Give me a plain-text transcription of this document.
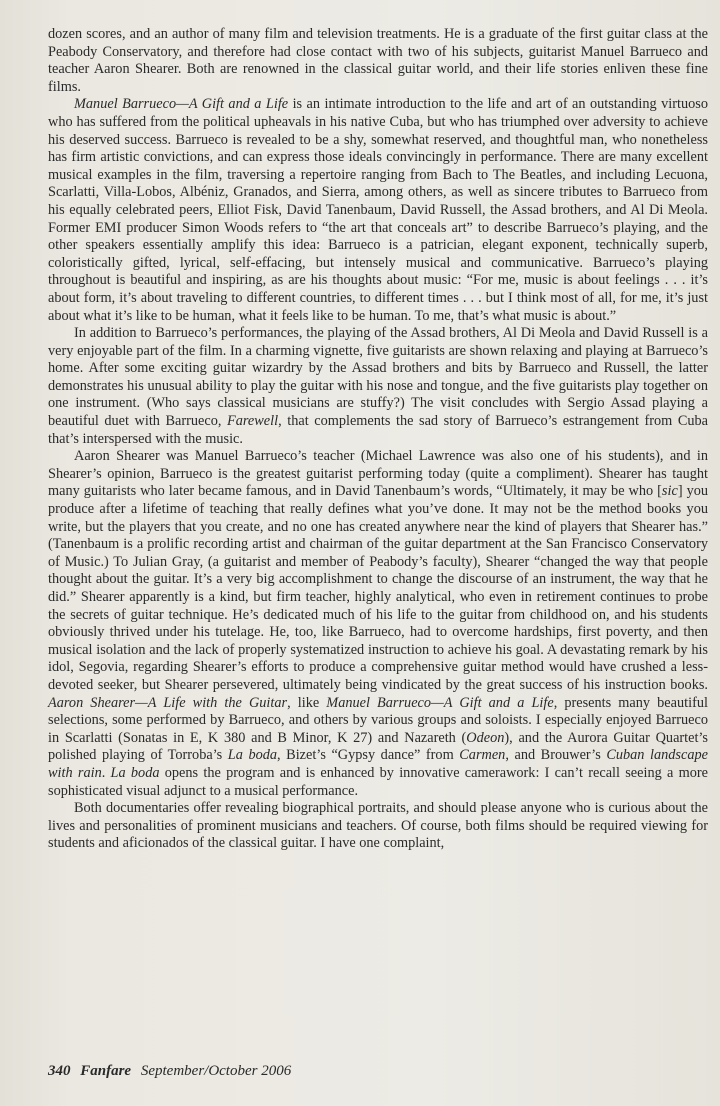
dozen scores, and an author of many film and television treatments. He is a graduate of the first guitar class at the Peabody Conservatory, and therefore had close contact with two of his subjects, guitarist Manuel Barrueco and teacher Aaron Shearer. Both are renowned in the classical guitar world, and their life stories enliven these fine films.

Manuel Barrueco—A Gift and a Life is an intimate introduction to the life and art of an outstanding virtuoso who has suffered from the political upheavals in his native Cuba, but who has triumphed over adversity to achieve his deserved success. Barrueco is revealed to be a shy, somewhat reserved, and thoughtful man, who nonetheless has firm artistic convictions, and can express those ideals convincingly in performance. There are many excellent musical examples in the film, traversing a repertoire ranging from Bach to The Beatles, and including Lecuona, Scarlatti, Villa-Lobos, Albéniz, Granados, and Sierra, among others, as well as sincere tributes to Barrueco from his equally celebrated peers, Elliot Fisk, David Tanenbaum, David Russell, the Assad brothers, and Al Di Meola. Former EMI producer Simon Woods refers to “the art that conceals art” to describe Barrueco’s playing, and the other speakers essentially amplify this idea: Barrueco is a patrician, elegant exponent, technically superb, coloristically gifted, lyrical, self-effacing, but intensely musical and communicative. Barrueco’s playing throughout is beautiful and inspiring, as are his thoughts about music: “For me, music is about feelings . . . it’s about form, it’s about traveling to different countries, to different times . . . but I think most of all, for me, it’s just about what it’s like to be human, what it feels like to be human. To me, that’s what music is about.”

In addition to Barrueco’s performances, the playing of the Assad brothers, Al Di Meola and David Russell is a very enjoyable part of the film. In a charming vignette, five guitarists are shown relaxing and playing at Barrueco’s home. After some exciting guitar wizardry by the Assad brothers and bits by Barrueco and Russell, the latter demonstrates his unusual ability to play the guitar with his nose and tongue, and the five guitarists play together on one instrument. (Who says classical musicians are stuffy?) The visit concludes with Sergio Assad playing a beautiful duet with Barrueco, Farewell, that complements the sad story of Barrueco’s estrangement from Cuba that’s interspersed with the music.

Aaron Shearer was Manuel Barrueco’s teacher (Michael Lawrence was also one of his students), and in Shearer’s opinion, Barrueco is the greatest guitarist performing today (quite a compliment). Shearer has taught many guitarists who later became famous, and in David Tanenbaum’s words, “Ultimately, it may be who [sic] you produce after a lifetime of teaching that really defines what you’ve done. It may not be the method books you write, but the players that you create, and no one has created anywhere near the kind of players that Shearer has.” (Tanenbaum is a prolific recording artist and chairman of the guitar department at the San Francisco Conservatory of Music.) To Julian Gray, (a guitarist and member of Peabody’s faculty), Shearer “changed the way that people thought about the guitar. It’s a very big accomplishment to change the discourse of an instrument, the way that he did.” Shearer apparently is a kind, but firm teacher, highly analytical, who even in retirement continues to probe the secrets of guitar technique. He’s dedicated much of his life to the guitar from childhood on, and his students obviously thrived under his tutelage. He, too, like Barrueco, had to overcome hardships, first poverty, and then musical isolation and the lack of properly systematized instruction to achieve his goal. A devastating remark by his idol, Segovia, regarding Shearer’s efforts to produce a comprehensive guitar method would have crushed a less-devoted seeker, but Shearer persevered, ultimately being vindicated by the great success of his instruction books. Aaron Shearer—A Life with the Guitar, like Manuel Barrueco—A Gift and a Life, presents many beautiful selections, some performed by Barrueco, and others by various groups and soloists. I especially enjoyed Barrueco in Scarlatti (Sonatas in E, K 380 and B Minor, K 27) and Nazareth (Odeon), and the Aurora Guitar Quartet’s polished playing of Torroba’s La boda, Bizet’s “Gypsy dance” from Carmen, and Brouwer’s Cuban landscape with rain. La boda opens the program and is enhanced by innovative camerawork: I can’t recall seeing a more sophisticated visual adjunct to a musical performance.

Both documentaries offer revealing biographical portraits, and should please anyone who is curious about the lives and personalities of prominent musicians and teachers. Of course, both films should be required viewing for students and aficionados of the classical guitar. I have one complaint,

340 Fanfare September/October 2006
